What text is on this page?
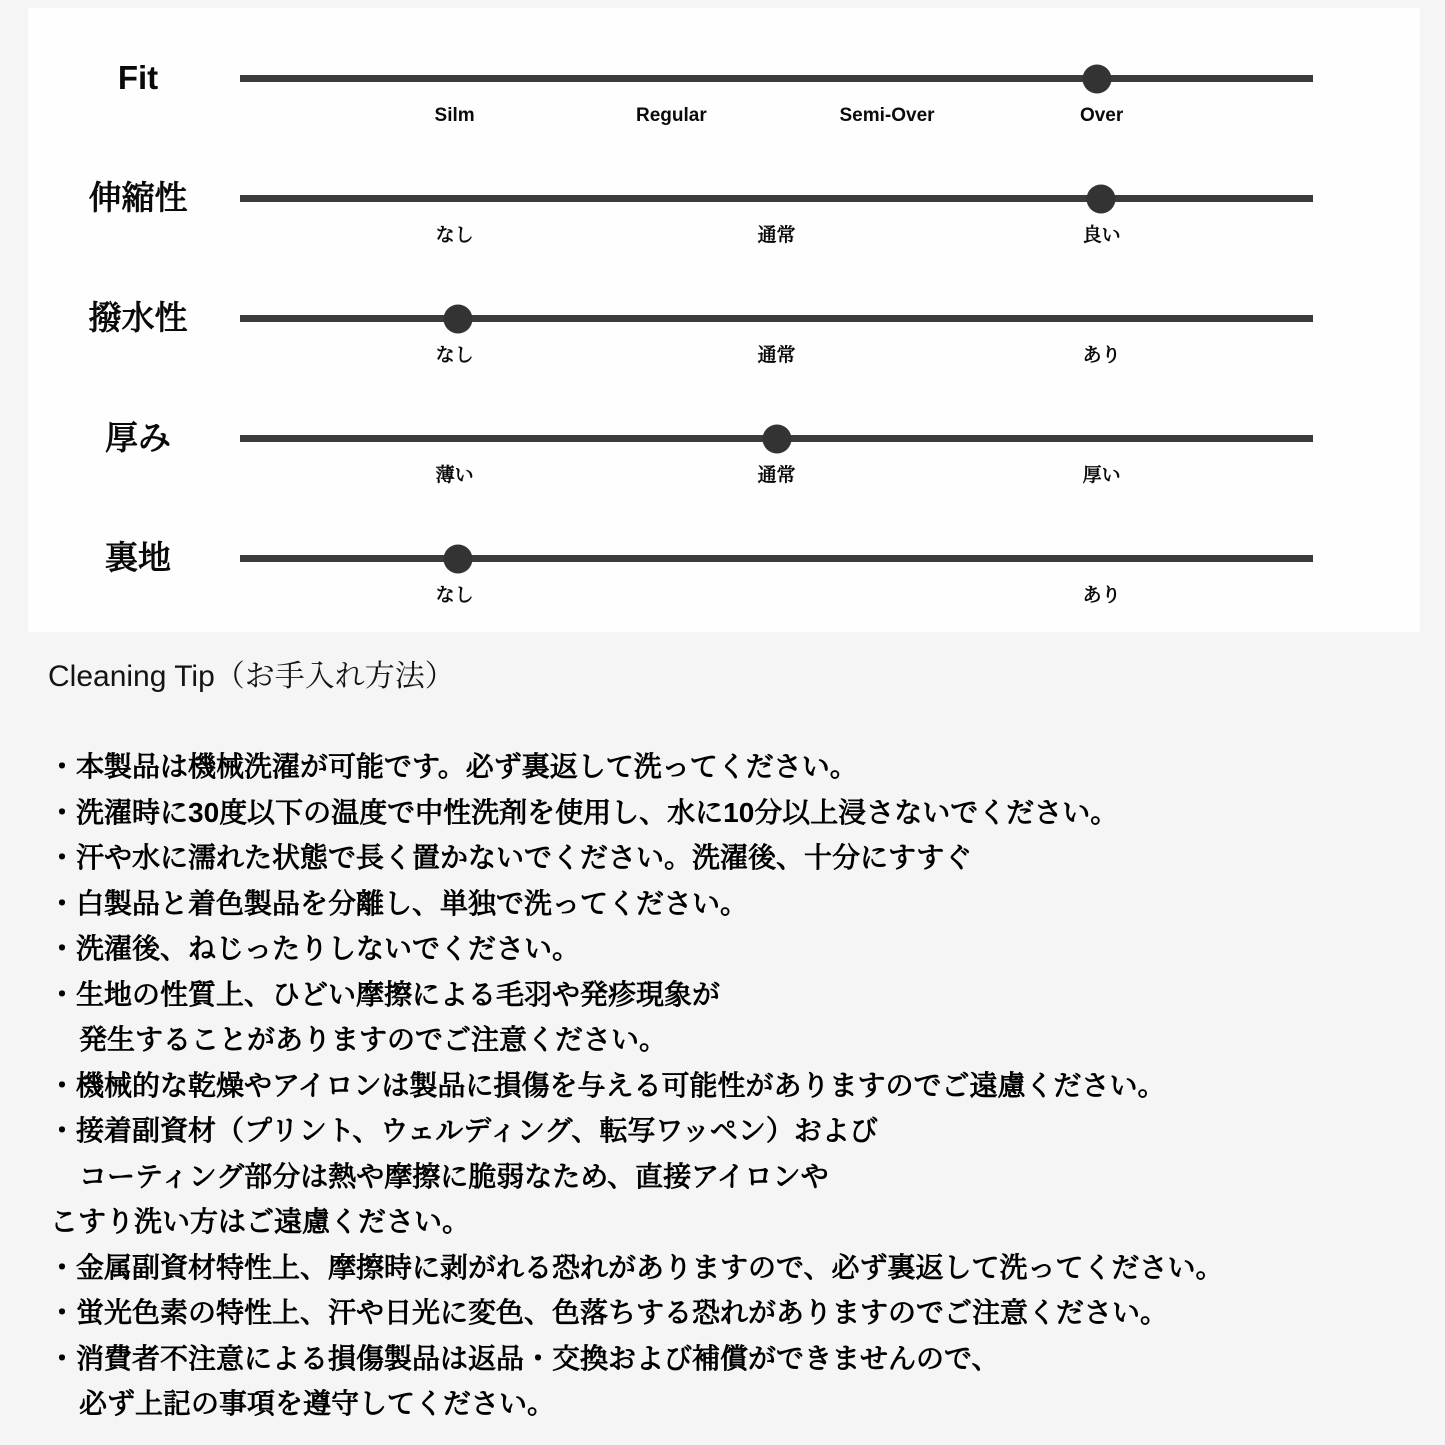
Fit
Silm	Regular	Semi-Over	Over
伸縮性
なし	通常	良い
撥水性
なし	通常	あり
厚み
薄い	通常	厚い
裏地
なし	あり
Cleaning Tip（お手入れ方法）
・本製品は機械洗濯が可能です。必ず裏返して洗ってください。
・洗濯時に30度以下の温度で中性洗剤を使用し、水に10分以上浸さないでください。
・汗や水に濡れた状態で長く置かないでください。洗濯後、十分にすすぐ
・白製品と着色製品を分離し、単独で洗ってください。
・洗濯後、ねじったりしないでください。
・生地の性質上、ひどい摩擦による毛羽や発疹現象が
発生することがありますのでご注意ください。
・機械的な乾燥やアイロンは製品に損傷を与える可能性がありますのでご遠慮ください。
・接着副資材（プリント、ウェルディング、転写ワッペン）および
コーティング部分は熱や摩擦に脆弱なため、直接アイロンや
こすり洗い方はご遠慮ください。
・金属副資材特性上、摩擦時に剥がれる恐れがありますので、必ず裏返して洗ってください。
・蛍光色素の特性上、汗や日光に変色、色落ちする恐れがありますのでご注意ください。
・消費者不注意による損傷製品は返品・交換および補償ができませんので、
必ず上記の事項を遵守してください。
